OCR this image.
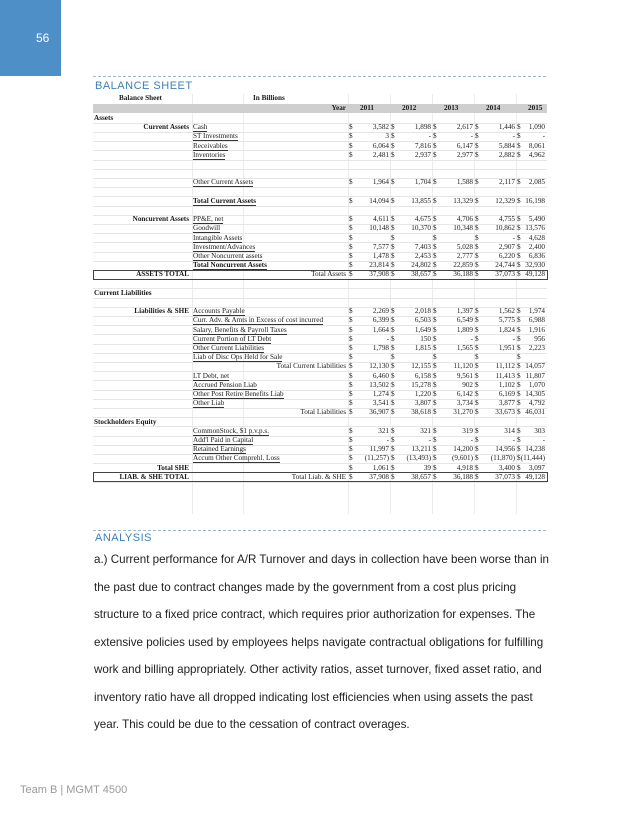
56
BALANCE SHEET
Balance Sheet	In Billions
Year 2011	2012	2013	2014	2015
Assets
Current Assets Cash	$	3,582 $	1,898 $	2,617 $	1,446 $ 1,090
ST Investments	$	3 $	- $	- $	- $	-
Receivables	$	6,064 $	7,816 $	6,147 $	5,884 $ 8,061
Inventories	$	2,481 $	2,937 $	2,977 $	2,882 $ 4,962
Other Current Assets	$	1,964 $	1,704 $	1,588 $	2,117 $ 2,085
Total Current Assets	$ 14,094 $ 13,855 $ 13,329 $ 12,329 $ 16,198
Noncurrent Assets PP&E, net	$	4,611 $	4,675 $	4,706 $	4,755 $ 5,490
Goodwill	$ 10,148 $ 10,370 $ 10,348 $ 10,862 $ 13,576
Intangible Assets	$	$	$	$	- $ 4,628
Investment/Advances	$	7,577 $	7,403 $	5,028 $	2,907 $ 2,400
Other Noncurrent assets	$	1,478 $	2,453 $	2,777 $	6,220 $ 6,836
Total Noncurrent Assets	$ 23,814 $ 24,802 $ 22,859 $ 24,744 $ 32,930
ASSETS TOTAL	Total Assets $ 37,908 $ 38,657 $ 36,188 $ 37,073 $ 49,128
Current Liabilities
Liabilities & SHE Accounts Payable	$	2,269 $	2,018 $	1,397 $	1,562 $ 1,974
Curr. Adv. & Amts in Excess of cost incurred	$	6,399 $	6,503 $	6,549 $	5,775 $ 6,988
Salary, Benefits & Payroll Taxes	$	1,664 $	1,649 $	1,809 $	1,824 $ 1,916
Current Portion of LT Debt	$	- $	150 $	- $	- $ 956
Other Current Liabilities	$	1,798 $	1,815 $	1,565 $	1,951 $ 2,223
Liab of Disc Ops Held for Sale	$	$	$	$	$
Total Current Liabilities $ 12,130 $ 12,155 $ 11,120 $ 11,112 $ 14,057
LT Debt, net	$	6,460 $	6,158 $	9,561 $ 11,413 $ 11,807
Accrued Pension Liab	$ 13,502 $ 15,278 $	902 $	1,102 $ 1,070
Other Post Retire Benefits Liab	$	1,274 $	1,220 $	6,142 $	6,169 $ 14,305
Other Liab	$	3,541 $	3,807 $	3,734 $	3,877 $ 4,792
Total Liabilities $ 36,907 $ 38,618 $ 31,270 $ 33,673 $ 46,031
Stockholders Equity
CommonStock, $1 p.v.p.s.	$	321 $	321 $	319 $	314 $ 303
Add'l Paid in Capital	$	- $	- $	- $	- $	-
Retained Earnings	$ 11,997 $ 13,211 $ 14,200 $ 14,956 $ 14,238
Accum Other Comprehl. Loss	$ (11,257) $ (13,493) $ (9,601) $ (11,870) $ (11,444)
Total SHE	$	1,061 $	39 $	4,918 $	3,400 $ 3,097
LIAB. & SHE TOTAL	Total Liab. & SHE $ 37,908 $ 38,657 $ 36,188 $ 37,073 $ 49,128
ANALYSIS

a.) Current performance for A/R Turnover and days in collection have been worse than in the past due to contract changes made by the government from a cost plus pricing structure to a fixed price contract, which requires prior authorization for expenses. The extensive policies used by employees helps navigate contractual obligations for fulfilling work and billing appropriately. Other activity ratios, asset turnover, fixed asset ratio, and inventory ratio have all dropped indicating lost efficiencies when using assets the past year. This could be due to the cessation of contract overages.

Team B | MGMT 4500
